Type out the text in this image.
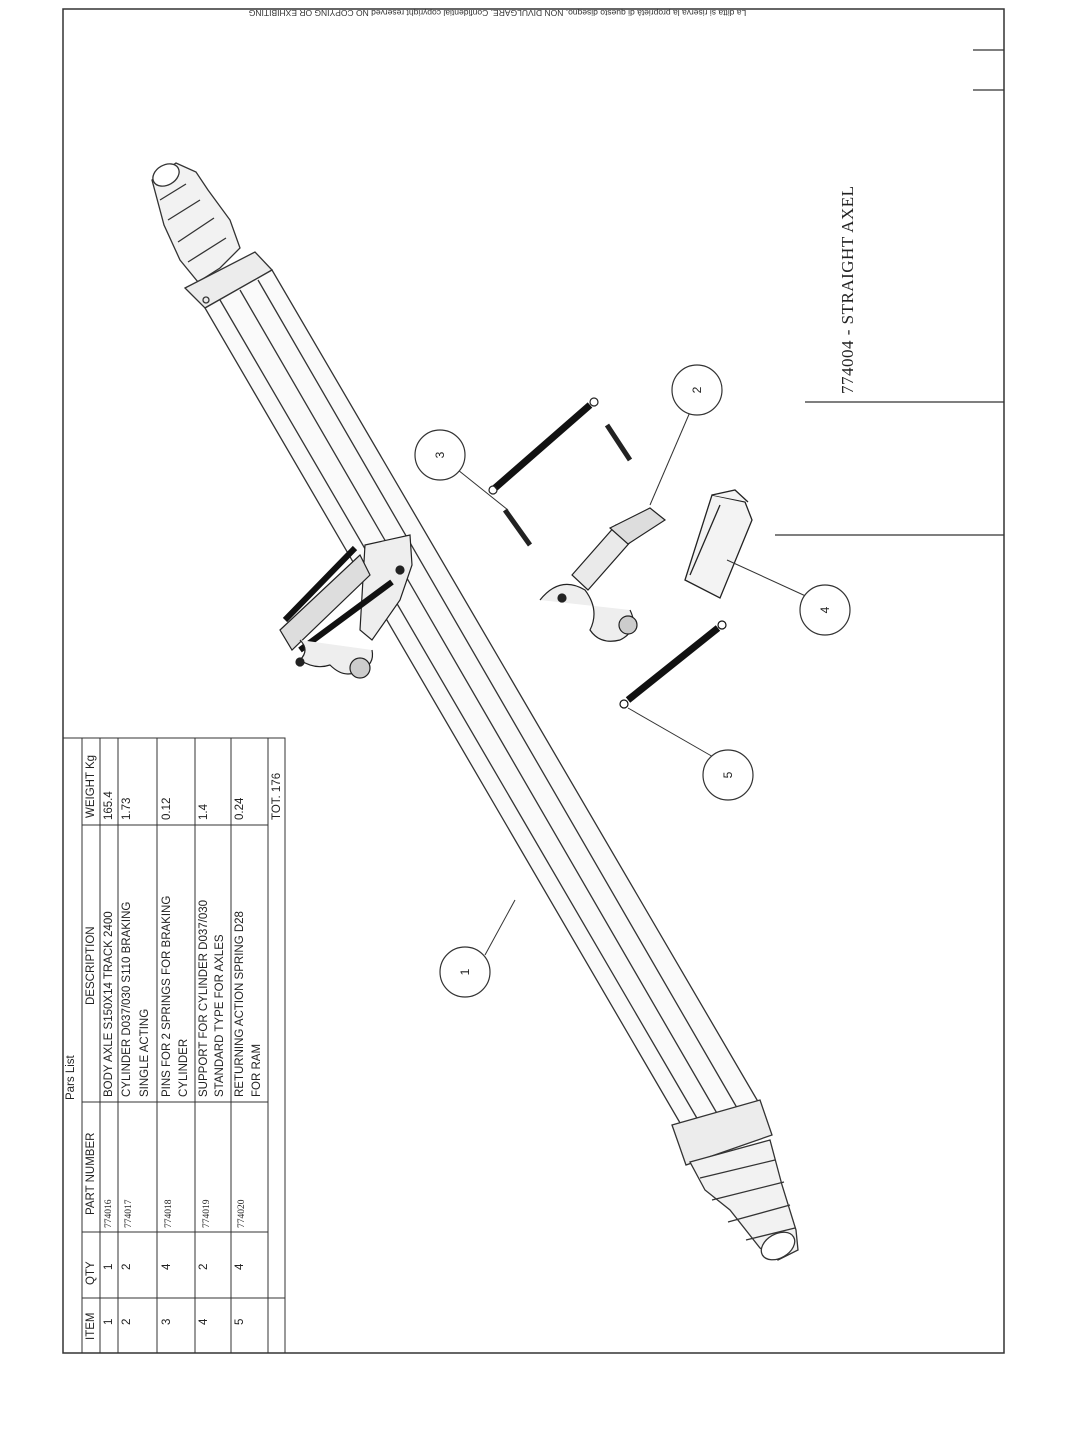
1
2
3
4
5
La ditta si riserva la proprietà di questo disegno. NON DIVULGARE. Confidential copyright reserved NO COPYING OR EXHIBITING
774004 - STRAIGHT AXEL
Pars List
ITEM
QTY
PART NUMBER
DESCRIPTION
WEIGHT Kg
1
1
774016
BODY AXLE S150X14 TRACK 2400
165.4
2
2
774017
CYLINDER D037/030 S110 BRAKING SINGLE ACTING
1.73
3
4
774018
PINS FOR 2 SPRINGS FOR BRAKING CYLINDER
0.12
4
2
774019
SUPPORT FOR CYLINDER D037/030 STANDARD TYPE FOR AXLES
1.4
5
4
774020
RETURNING ACTION SPRING D28 FOR RAM
0.24 TOT. 176
